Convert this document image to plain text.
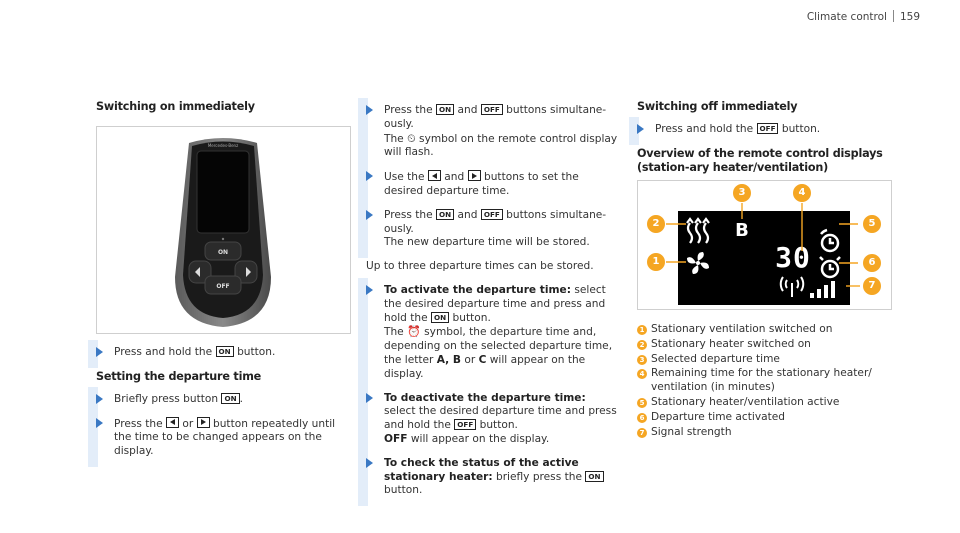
Climate control 159
Switching on immediately
Mercedes-Benz
ON
OFF
Press and hold the ON button.
Setting the departure time
Briefly press button ON .
Press the or button repeatedly until the time to be changed appears on the display.
Press the ON and OFF buttons simultane-ously.
The ⏲ symbol on the remote control display will flash.
Use the and buttons to set the desired departure time.
Press the ON and OFF buttons simultane-ously.
The new departure time will be stored.
Up to three departure times can be stored.
To activate the departure time: select the desired departure time and press and hold the ON button.
The ⏰ symbol, the departure time and, depending on the selected departure time, the letter A, B or C will appear on the display.
To deactivate the departure time: select the desired departure time and press and hold the OFF button.
OFF will appear on the display.
To check the status of the active stationary heater: briefly press the ON button.
Switching off immediately
Press and hold the OFF button.
Overview of the remote control displays (station-ary heater/ventilation)
B
30
1
2
3	4
5
6
7
1 Stationary ventilation switched on
2 Stationary heater switched on
3 Selected departure time
4 Remaining time for the stationary heater/ ventilation (in minutes)
5 Stationary heater/ventilation active
6 Departure time activated
7 Signal strength
